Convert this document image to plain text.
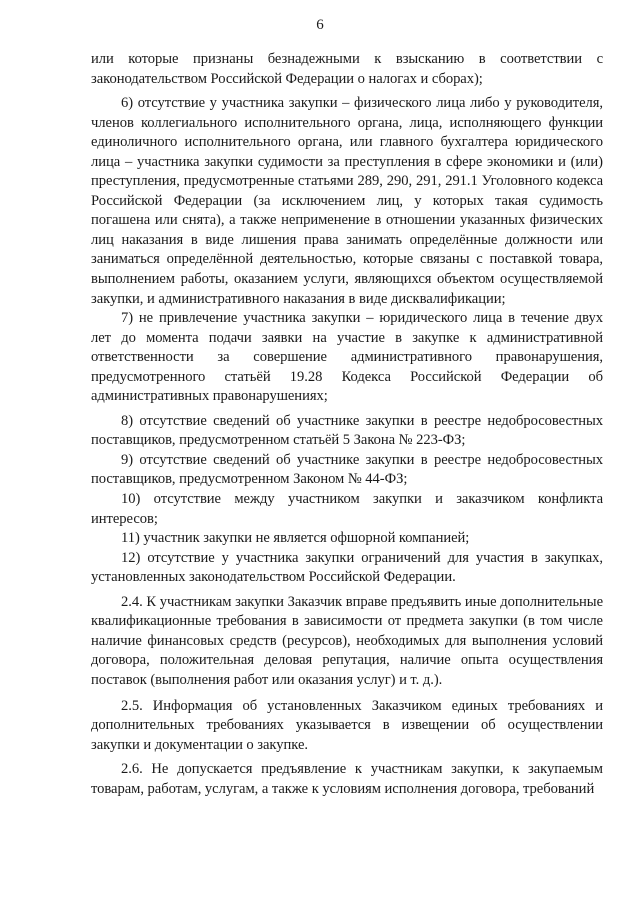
6

или которые признаны безнадежными к взысканию в соответствии с законодательством Российской Федерации о налогах и сборах);

6) отсутствие у участника закупки – физического лица либо у руководителя, членов коллегиального исполнительного органа, лица, исполняющего функции единоличного исполнительного органа, или главного бухгалтера юридического лица – участника закупки судимости за преступления в сфере экономики и (или) преступления, предусмотренные статьями 289, 290, 291, 291.1 Уголовного кодекса Российской Федерации (за исключением лиц, у которых такая судимость погашена или снята), а также неприменение в отношении указанных физических лиц наказания в виде лишения права занимать определённые должности или заниматься определённой деятельностью, которые связаны с поставкой товара, выполнением работы, оказанием услуги, являющихся объектом осуществляемой закупки, и административного наказания в виде дисквалификации;

7) не привлечение участника закупки – юридического лица в течение двух лет до момента подачи заявки на участие в закупке к административной ответственности за совершение административного правонарушения, предусмотренного статьёй 19.28 Кодекса Российской Федерации об административных правонарушениях;

8) отсутствие сведений об участнике закупки в реестре недобросовестных поставщиков, предусмотренном статьёй 5 Закона № 223-ФЗ;

9) отсутствие сведений об участнике закупки в реестре недобросовестных поставщиков, предусмотренном Законом № 44-ФЗ;

10) отсутствие между участником закупки и заказчиком конфликта интересов;

11) участник закупки не является офшорной компанией;

12) отсутствие у участника закупки ограничений для участия в закупках, установленных законодательством Российской Федерации.

2.4. К участникам закупки Заказчик вправе предъявить иные дополнительные квалификационные требования в зависимости от предмета закупки (в том числе наличие финансовых средств (ресурсов), необходимых для выполнения условий договора, положительная деловая репутация, наличие опыта осуществления поставок (выполнения работ или оказания услуг) и т. д.).

2.5. Информация об установленных Заказчиком единых требованиях и дополнительных требованиях указывается в извещении об осуществлении закупки и документации о закупке.

2.6. Не допускается предъявление к участникам закупки, к закупаемым товарам, работам, услугам, а также к условиям исполнения договора, требований
